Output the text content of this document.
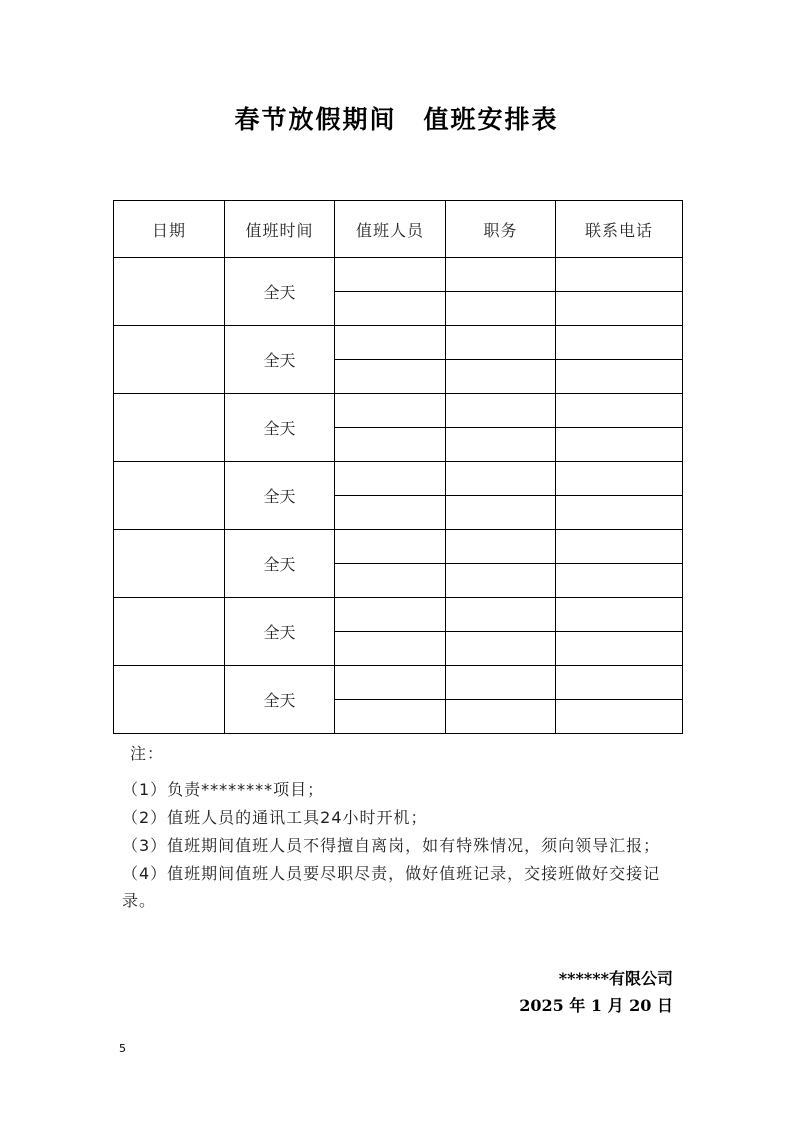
春节放假期间　值班安排表
日期	值班时间	值班人员	职务	联系电话
	全天			

	全天			

	全天			

	全天			

	全天			

	全天			

	全天			

注：
（1）负责********项目；
（2）值班人员的通讯工具24小时开机；
（3）值班期间值班人员不得擅自离岗，如有特殊情况，须向领导汇报；
（4）值班期间值班人员要尽职尽责，做好值班记录，交接班做好交接记录。
******有限公司
2025 年 1 月 20 日
5
